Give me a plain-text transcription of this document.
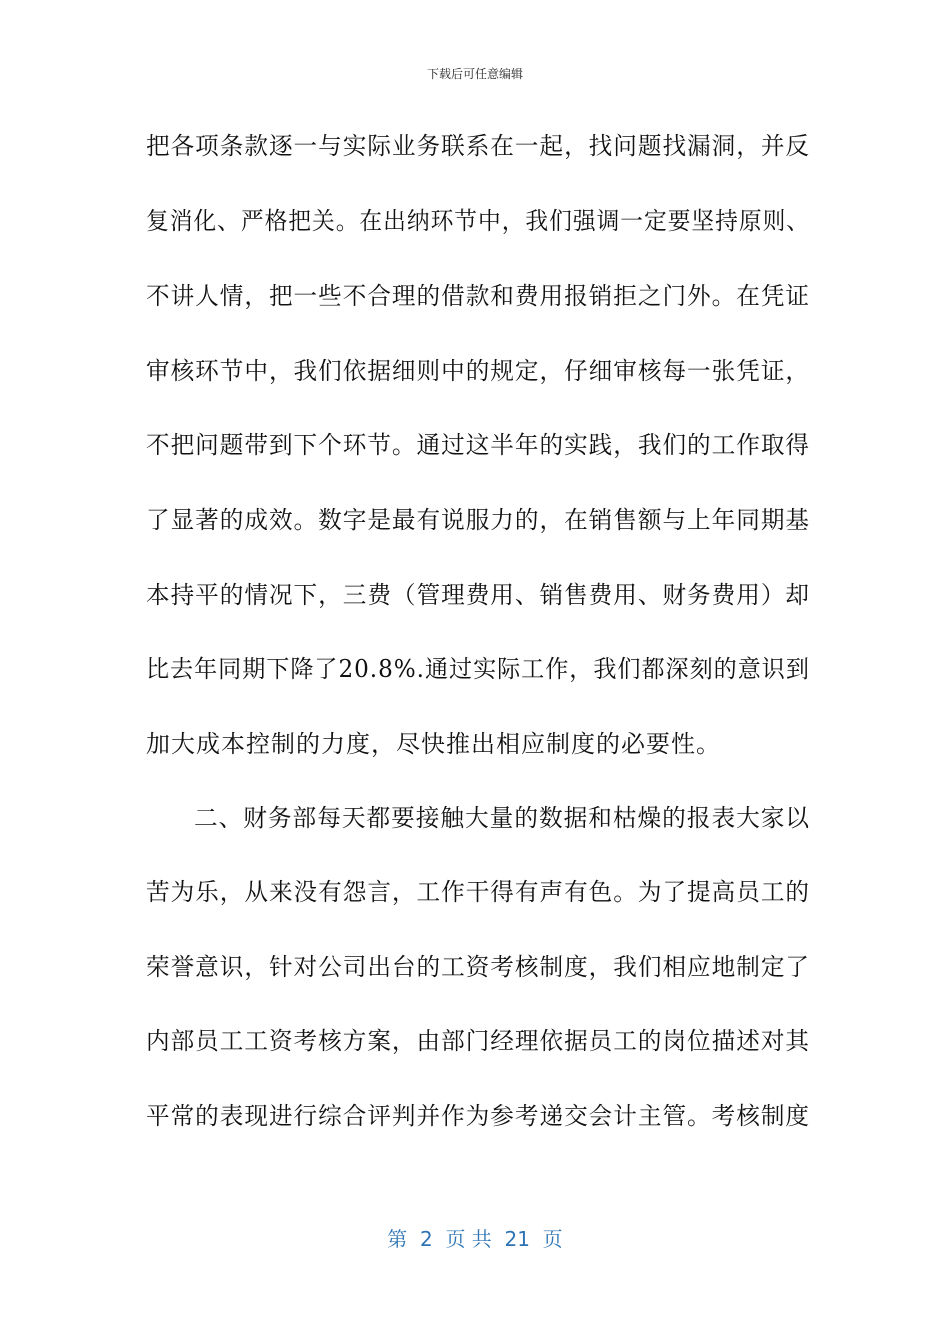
下载后可任意编辑
把各项条款逐一与实际业务联系在一起，找问题找漏洞，并反
复消化、严格把关。在出纳环节中，我们强调一定要坚持原则、
不讲人情，把一些不合理的借款和费用报销拒之门外。在凭证
审核环节中，我们依据细则中的规定，仔细审核每一张凭证，
不把问题带到下个环节。通过这半年的实践，我们的工作取得
了显著的成效。数字是最有说服力的，在销售额与上年同期基
本持平的情况下，三费（管理费用、销售费用、财务费用）却
比去年同期下降了20.8%.通过实际工作，我们都深刻的意识到
加大成本控制的力度，尽快推出相应制度的必要性。
二、财务部每天都要接触大量的数据和枯燥的报表大家以
苦为乐，从来没有怨言，工作干得有声有色。为了提高员工的
荣誉意识，针对公司出台的工资考核制度，我们相应地制定了
内部员工工资考核方案，由部门经理依据员工的岗位描述对其
平常的表现进行综合评判并作为参考递交会计主管。考核制度
第  2  页 共  21  页
